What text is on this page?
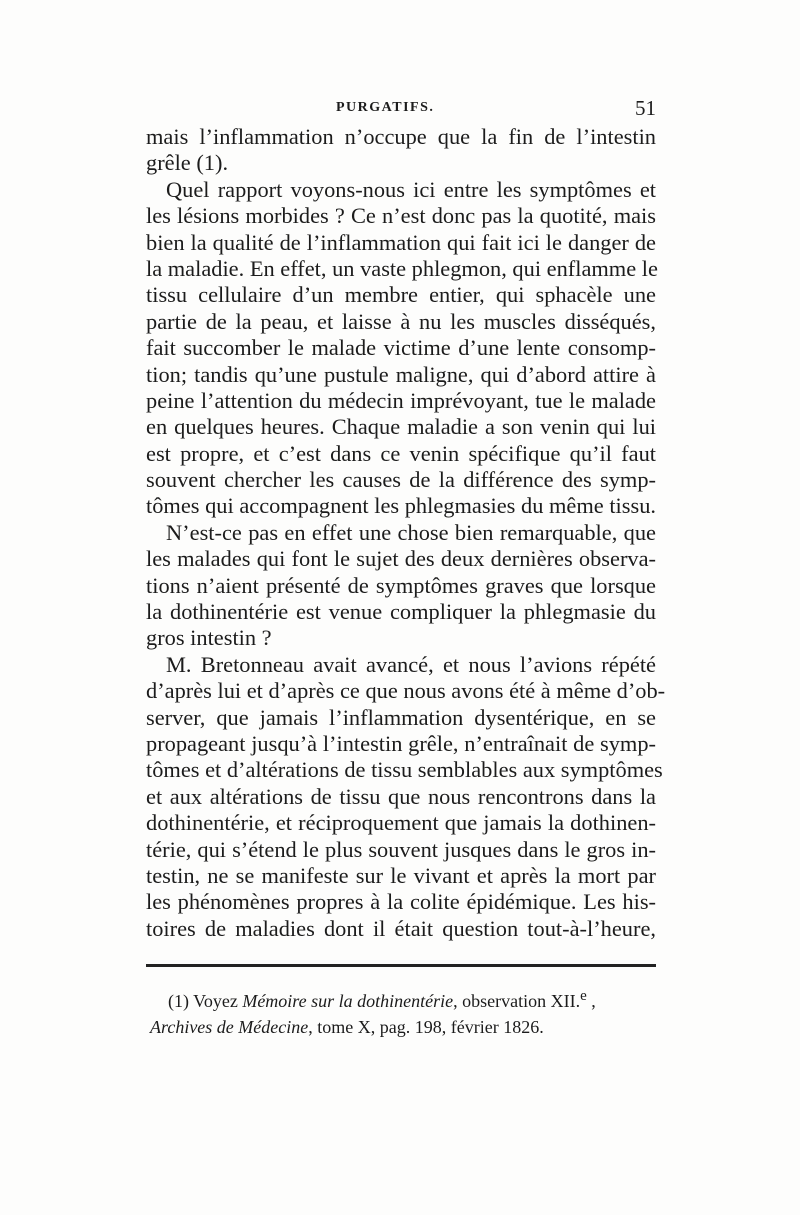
PURGATIFS.	51
mais l’inflammation n’occupe que la fin de l’intestin
grêle (1).
Quel rapport voyons-nous ici entre les symptômes et
les lésions morbides ? Ce n’est donc pas la quotité, mais
bien la qualité de l’inflammation qui fait ici le danger de
la maladie. En effet, un vaste phlegmon, qui enflamme le
tissu cellulaire d’un membre entier, qui sphacèle une
partie de la peau, et laisse à nu les muscles disséqués,
fait succomber le malade victime d’une lente consomp-
tion; tandis qu’une pustule maligne, qui d’abord attire à
peine l’attention du médecin imprévoyant, tue le malade
en quelques heures. Chaque maladie a son venin qui lui
est propre, et c’est dans ce venin spécifique qu’il faut
souvent chercher les causes de la différence des symp-
tômes qui accompagnent les phlegmasies du même tissu.
N’est-ce pas en effet une chose bien remarquable, que
les malades qui font le sujet des deux dernières observa-
tions n’aient présenté de symptômes graves que lorsque
la dothinentérie est venue compliquer la phlegmasie du
gros intestin ?
M. Bretonneau avait avancé, et nous l’avions répété
d’après lui et d’après ce que nous avons été à même d’ob-
server, que jamais l’inflammation dysentérique, en se
propageant jusqu’à l’intestin grêle, n’entraînait de symp-
tômes et d’altérations de tissu semblables aux symptômes
et aux altérations de tissu que nous rencontrons dans la
dothinentérie, et réciproquement que jamais la dothinen-
térie, qui s’étend le plus souvent jusques dans le gros in-
testin, ne se manifeste sur le vivant et après la mort par
les phénomènes propres à la colite épidémique. Les his-
toires de maladies dont il était question tout-à-l’heure,
(1) Voyez Mémoire sur la dothinentérie, observation XII.$^e$ ,
Archives de Médecine, tome X, pag. 198, février 1826.
